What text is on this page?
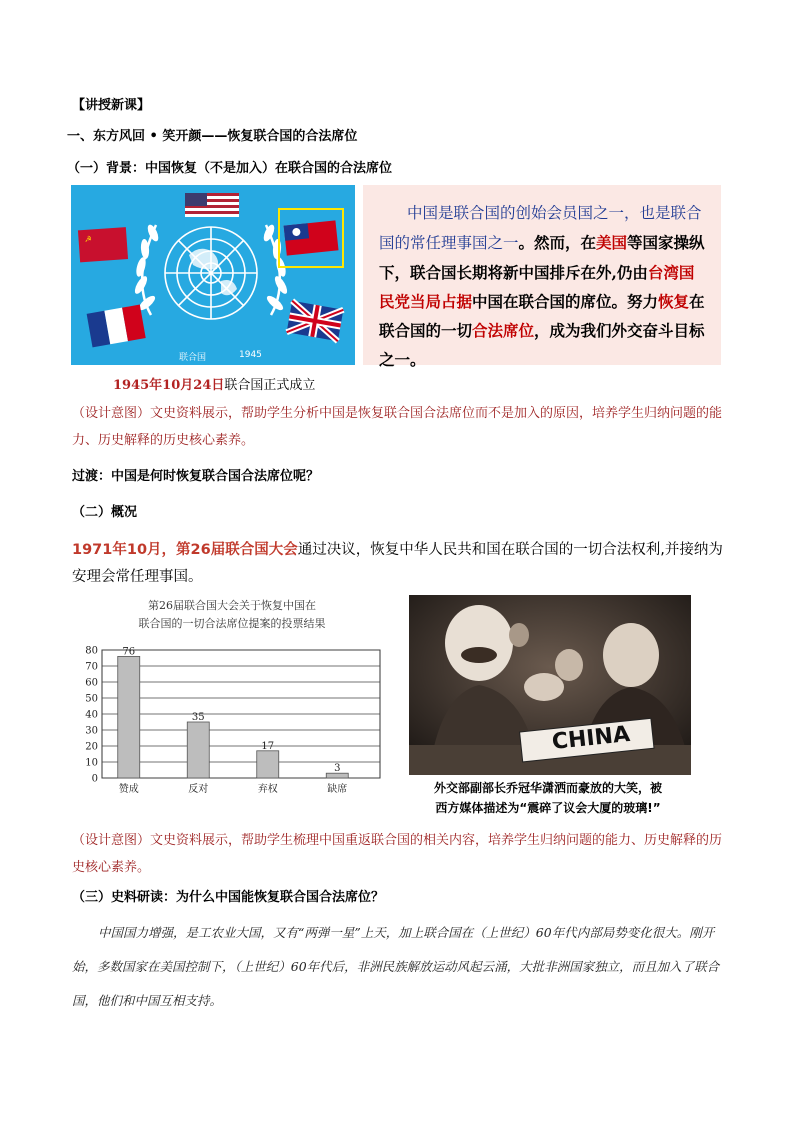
【讲授新课】
一、东方风回 • 笑开颜——恢复联合国的合法席位
（一）背景：中国恢复（不是加入）在联合国的合法席位
☭
联合国	1945

中国是联合国的创始会员国之一，也是联合国的常任理事国之一。然而，在美国等国家操纵下，联合国长期将新中国排斥在外,仍由台湾国民党当局占据中国在联合国的席位。努力恢复在联合国的一切合法席位，成为我们外交奋斗目标之一。

1945年10月24日联合国正式成立
（设计意图）文史资料展示，帮助学生分析中国是恢复联合国合法席位而不是加入的原因，培养学生归纳问题的能力、历史解释的历史核心素养。
过渡：中国是何时恢复联合国合法席位呢？
（二）概况
1971年10月，第26届联合国大会通过决议，恢复中华人民共和国在联合国的一切合法权利,并接纳为安理会常任理事国。
第26届联合国大会关于恢复中国在
联合国的一切合法席位提案的投票结果
0
10
20
30
40
50
60
70
80 76
赞成
35
反对
17
弃权
3
缺席
CHINA
外交部副部长乔冠华潇洒而豪放的大笑，被
西方媒体描述为“震碎了议会大厦的玻璃!”
（设计意图）文史资料展示，帮助学生梳理中国重返联合国的相关内容，培养学生归纳问题的能力、历史解释的历史核心素养。
（三）史料研读：为什么中国能恢复联合国合法席位？
中国国力增强，是工农业大国，又有“两弹一星”上天，加上联合国在（上世纪）60年代内部局势变化很大。刚开始，多数国家在美国控制下，（上世纪）60年代后，非洲民族解放运动风起云涌，大批非洲国家独立，而且加入了联合国，他们和中国互相支持。
